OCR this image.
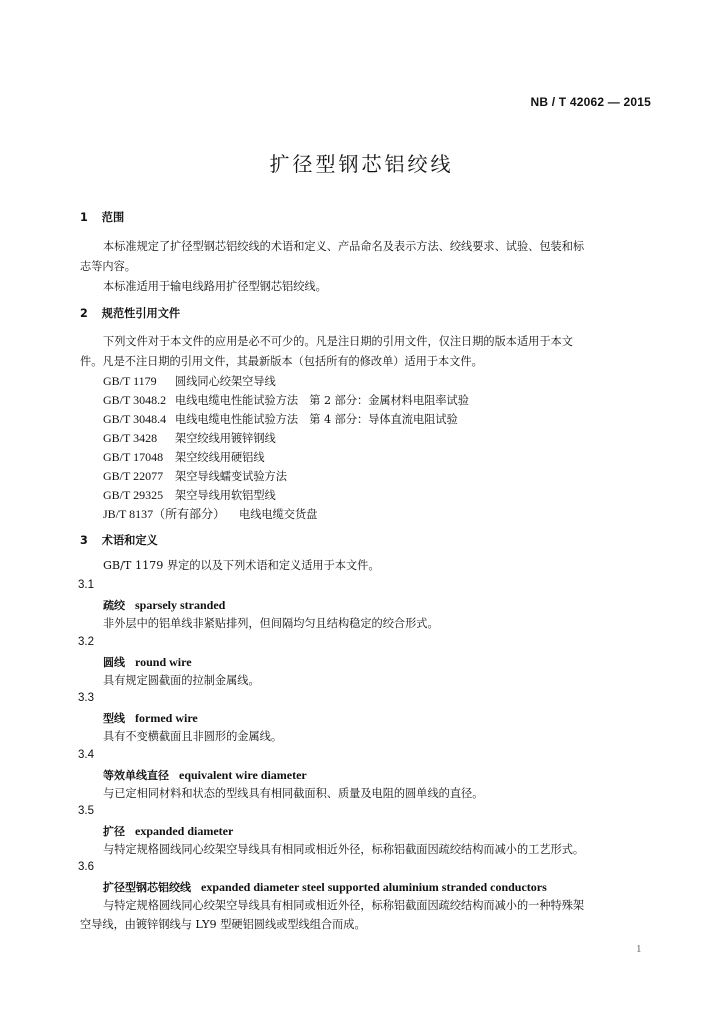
NB / T 42062 — 2015
扩径型钢芯铝绞线
1 范围
本标准规定了扩径型钢芯铝绞线的术语和定义、产品命名及表示方法、绞线要求、试验、包装和标
志等内容。
本标准适用于输电线路用扩径型钢芯铝绞线。
2 规范性引用文件
下列文件对于本文件的应用是必不可少的。凡是注日期的引用文件，仅注日期的版本适用于本文
件。凡是不注日期的引用文件，其最新版本（包括所有的修改单）适用于本文件。
GB/T 1179 圆线同心绞架空导线
GB/T 3048.2 电线电缆电性能试验方法　第 2 部分：金属材料电阻率试验
GB/T 3048.4 电线电缆电性能试验方法　第 4 部分：导体直流电阻试验
GB/T 3428 架空绞线用镀锌钢线
GB/T 17048 架空绞线用硬铝线
GB/T 22077 架空导线蠕变试验方法
GB/T 29325 架空导线用软铝型线
JB/T 8137（所有部分） 电线电缆交货盘
3 术语和定义
GB/T 1179 界定的以及下列术语和定义适用于本文件。
3.1
疏绞 sparsely stranded
非外层中的铝单线非紧贴排列，但间隔均匀且结构稳定的绞合形式。
3.2
圆线 round wire
具有规定圆截面的拉制金属线。
3.3
型线 formed wire
具有不变横截面且非圆形的金属线。
3.4
等效单线直径 equivalent wire diameter
与已定相同材料和状态的型线具有相同截面积、质量及电阻的圆单线的直径。
3.5
扩径 expanded diameter
与特定规格圆线同心绞架空导线具有相同或相近外径，标称铝截面因疏绞结构而减小的工艺形式。
3.6
扩径型钢芯铝绞线 expanded diameter steel supported aluminium stranded conductors
与特定规格圆线同心绞架空导线具有相同或相近外径，标称铝截面因疏绞结构而减小的一种特殊架
空导线，由镀锌钢线与 LY9 型硬铝圆线或型线组合而成。
1
